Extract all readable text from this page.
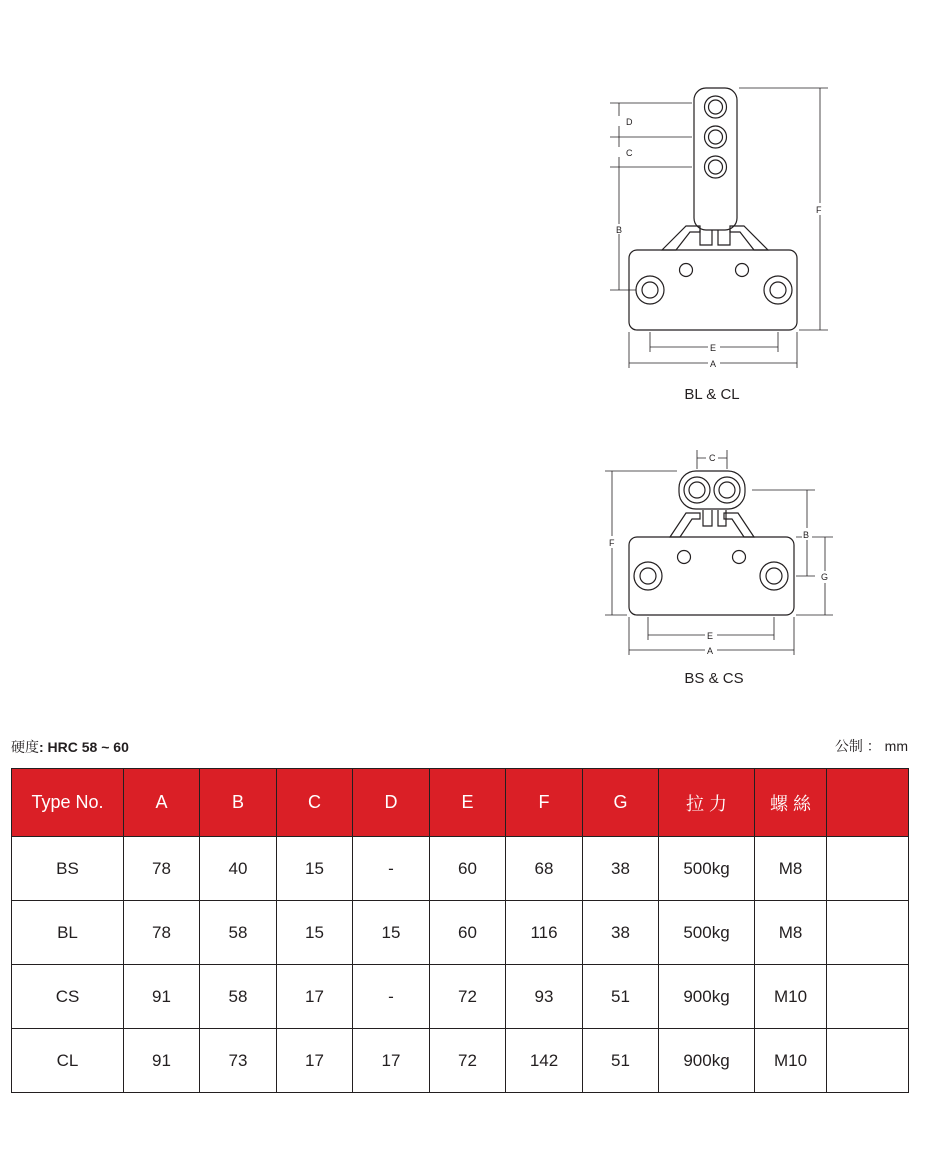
D
C
B
F
E
A
BL & CL
C
F
B
G
E
A
BS & CS
硬度: HRC 58 ~ 60	公制 ： mm
Type No.	A	B	C	D	E	F	G	拉 力	螺 絲	
BS	78	40	15	-	60	68	38	500kg	M8	
BL	78	58	15	15	60	116	38	500kg	M8	
CS	91	58	17	-	72	93	51	900kg	M10	
CL	91	73	17	17	72	142	51	900kg	M10	
